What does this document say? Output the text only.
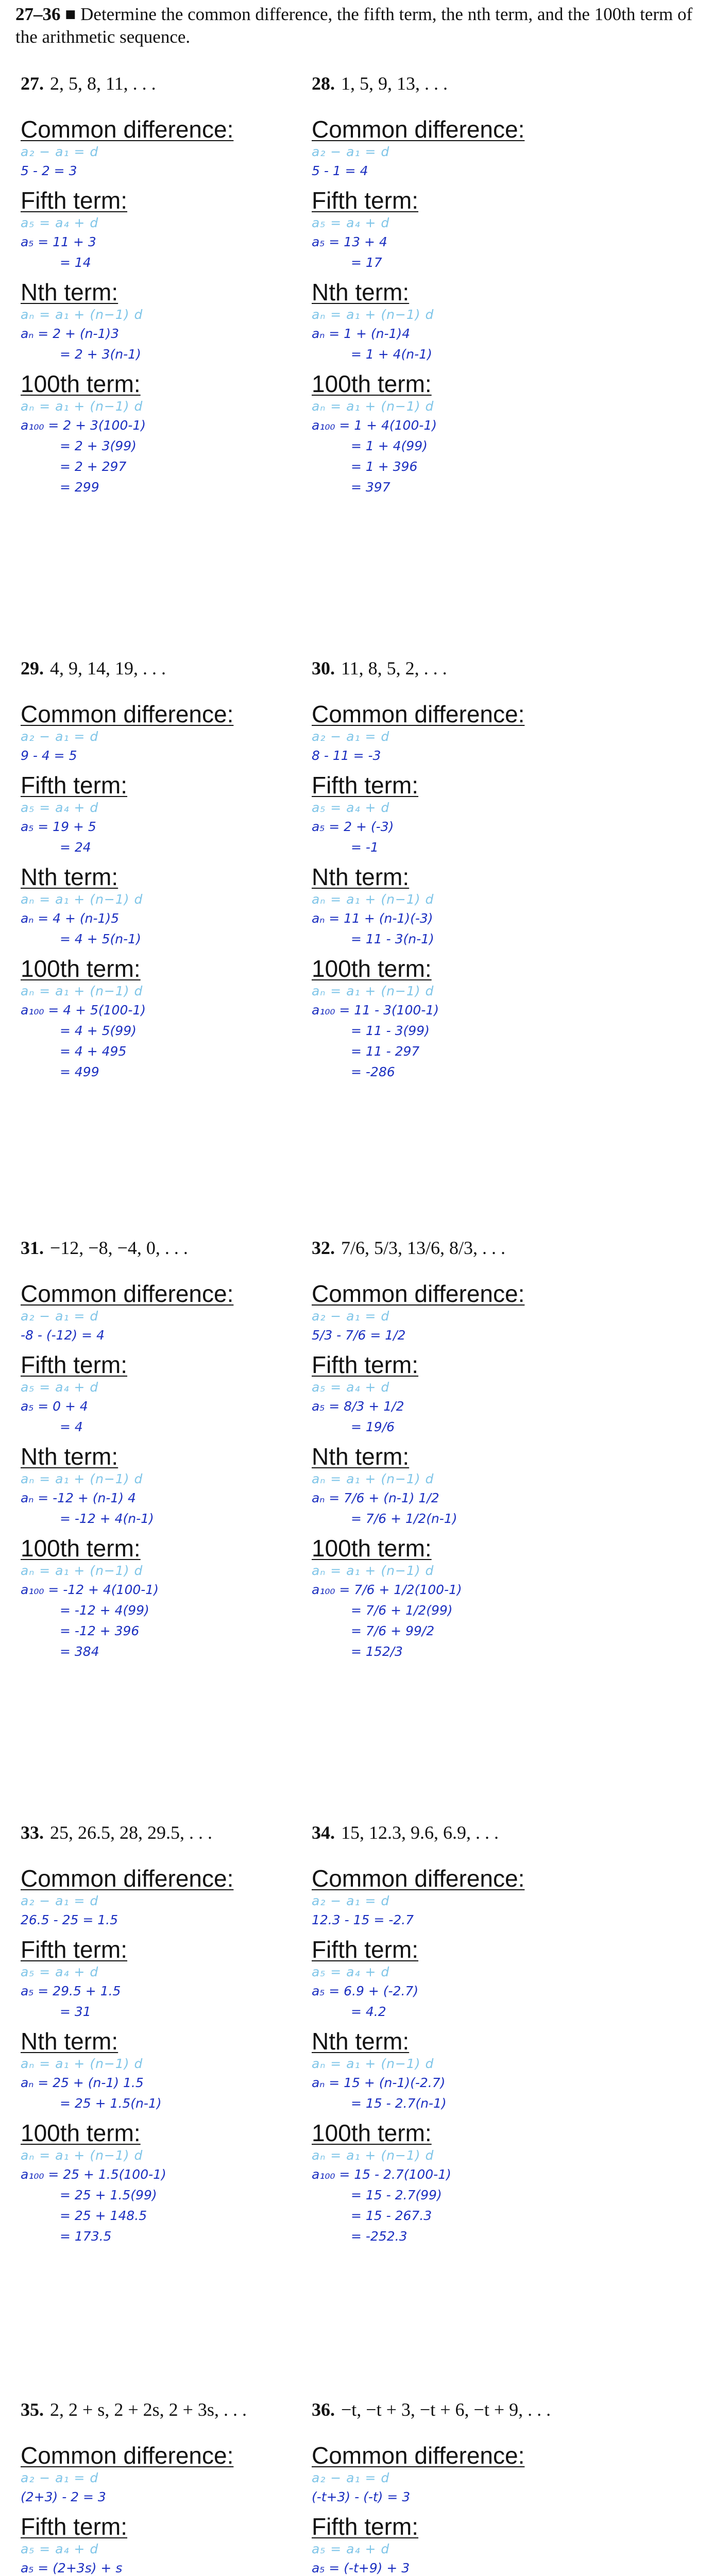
27–36 ■ Determine the common difference, the fifth term, the nth term, and the 100th term of the arithmetic sequence.
27. 2, 5, 8, 11, . . .
Common difference:
a₂ − a₁ = d
5 - 2 = 3
Fifth term:
a₅ = a₄ + d
a₅ = 11 + 3
= 14
Nth term:
aₙ = a₁ + (n−1) d
aₙ = 2 + (n-1)3
= 2 + 3(n-1)
100th term:
aₙ = a₁ + (n−1) d
a₁₀₀ = 2 + 3(100-1)
= 2 + 3(99)
= 2 + 297
= 299
28. 1, 5, 9, 13, . . .
Common difference:
a₂ − a₁ = d
5 - 1 = 4
Fifth term:
a₅ = a₄ + d
a₅ = 13 + 4
= 17
Nth term:
aₙ = a₁ + (n−1) d
aₙ = 1 + (n-1)4
= 1 + 4(n-1)
100th term:
aₙ = a₁ + (n−1) d
a₁₀₀ = 1 + 4(100-1)
= 1 + 4(99)
= 1 + 396
= 397
29. 4, 9, 14, 19, . . .
Common difference:
a₂ − a₁ = d
9 - 4 = 5
Fifth term:
a₅ = a₄ + d
a₅ = 19 + 5
= 24
Nth term:
aₙ = a₁ + (n−1) d
aₙ = 4 + (n-1)5
= 4 + 5(n-1)
100th term:
aₙ = a₁ + (n−1) d
a₁₀₀ = 4 + 5(100-1)
= 4 + 5(99)
= 4 + 495
= 499
30. 11, 8, 5, 2, . . .
Common difference:
a₂ − a₁ = d
8 - 11 = -3
Fifth term:
a₅ = a₄ + d
a₅ = 2 + (-3)
= -1
Nth term:
aₙ = a₁ + (n−1) d
aₙ = 11 + (n-1)(-3)
= 11 - 3(n-1)
100th term:
aₙ = a₁ + (n−1) d
a₁₀₀ = 11 - 3(100-1)
= 11 - 3(99)
= 11 - 297
= -286
31. −12, −8, −4, 0, . . .
Common difference:
a₂ − a₁ = d
-8 - (-12) = 4
Fifth term:
a₅ = a₄ + d
a₅ = 0 + 4
= 4
Nth term:
aₙ = a₁ + (n−1) d
aₙ = -12 + (n-1) 4
= -12 + 4(n-1)
100th term:
aₙ = a₁ + (n−1) d
a₁₀₀ = -12 + 4(100-1)
= -12 + 4(99)
= -12 + 396
= 384
32. 7/6, 5/3, 13/6, 8/3, . . .
Common difference:
a₂ − a₁ = d
5/3 - 7/6 = 1/2
Fifth term:
a₅ = a₄ + d
a₅ = 8/3 + 1/2
= 19/6
Nth term:
aₙ = a₁ + (n−1) d
aₙ = 7/6 + (n-1) 1/2
= 7/6 + 1/2(n-1)
100th term:
aₙ = a₁ + (n−1) d
a₁₀₀ = 7/6 + 1/2(100-1)
= 7/6 + 1/2(99)
= 7/6 + 99/2
= 152/3
33. 25, 26.5, 28, 29.5, . . .
Common difference:
a₂ − a₁ = d
26.5 - 25 = 1.5
Fifth term:
a₅ = a₄ + d
a₅ = 29.5 + 1.5
= 31
Nth term:
aₙ = a₁ + (n−1) d
aₙ = 25 + (n-1) 1.5
= 25 + 1.5(n-1)
100th term:
aₙ = a₁ + (n−1) d
a₁₀₀ = 25 + 1.5(100-1)
= 25 + 1.5(99)
= 25 + 148.5
= 173.5
34. 15, 12.3, 9.6, 6.9, . . .
Common difference:
a₂ − a₁ = d
12.3 - 15 = -2.7
Fifth term:
a₅ = a₄ + d
a₅ = 6.9 + (-2.7)
= 4.2
Nth term:
aₙ = a₁ + (n−1) d
aₙ = 15 + (n-1)(-2.7)
= 15 - 2.7(n-1)
100th term:
aₙ = a₁ + (n−1) d
a₁₀₀ = 15 - 2.7(100-1)
= 15 - 2.7(99)
= 15 - 267.3
= -252.3
35. 2, 2 + s, 2 + 2s, 2 + 3s, . . .
Common difference:
a₂ − a₁ = d
(2+3) - 2 = 3
Fifth term:
a₅ = a₄ + d
a₅ = (2+3s) + s
36. −t, −t + 3, −t + 6, −t + 9, . . .
Common difference:
a₂ − a₁ = d
(-t+3) - (-t) = 3
Fifth term:
a₅ = a₄ + d
a₅ = (-t+9) + 3
